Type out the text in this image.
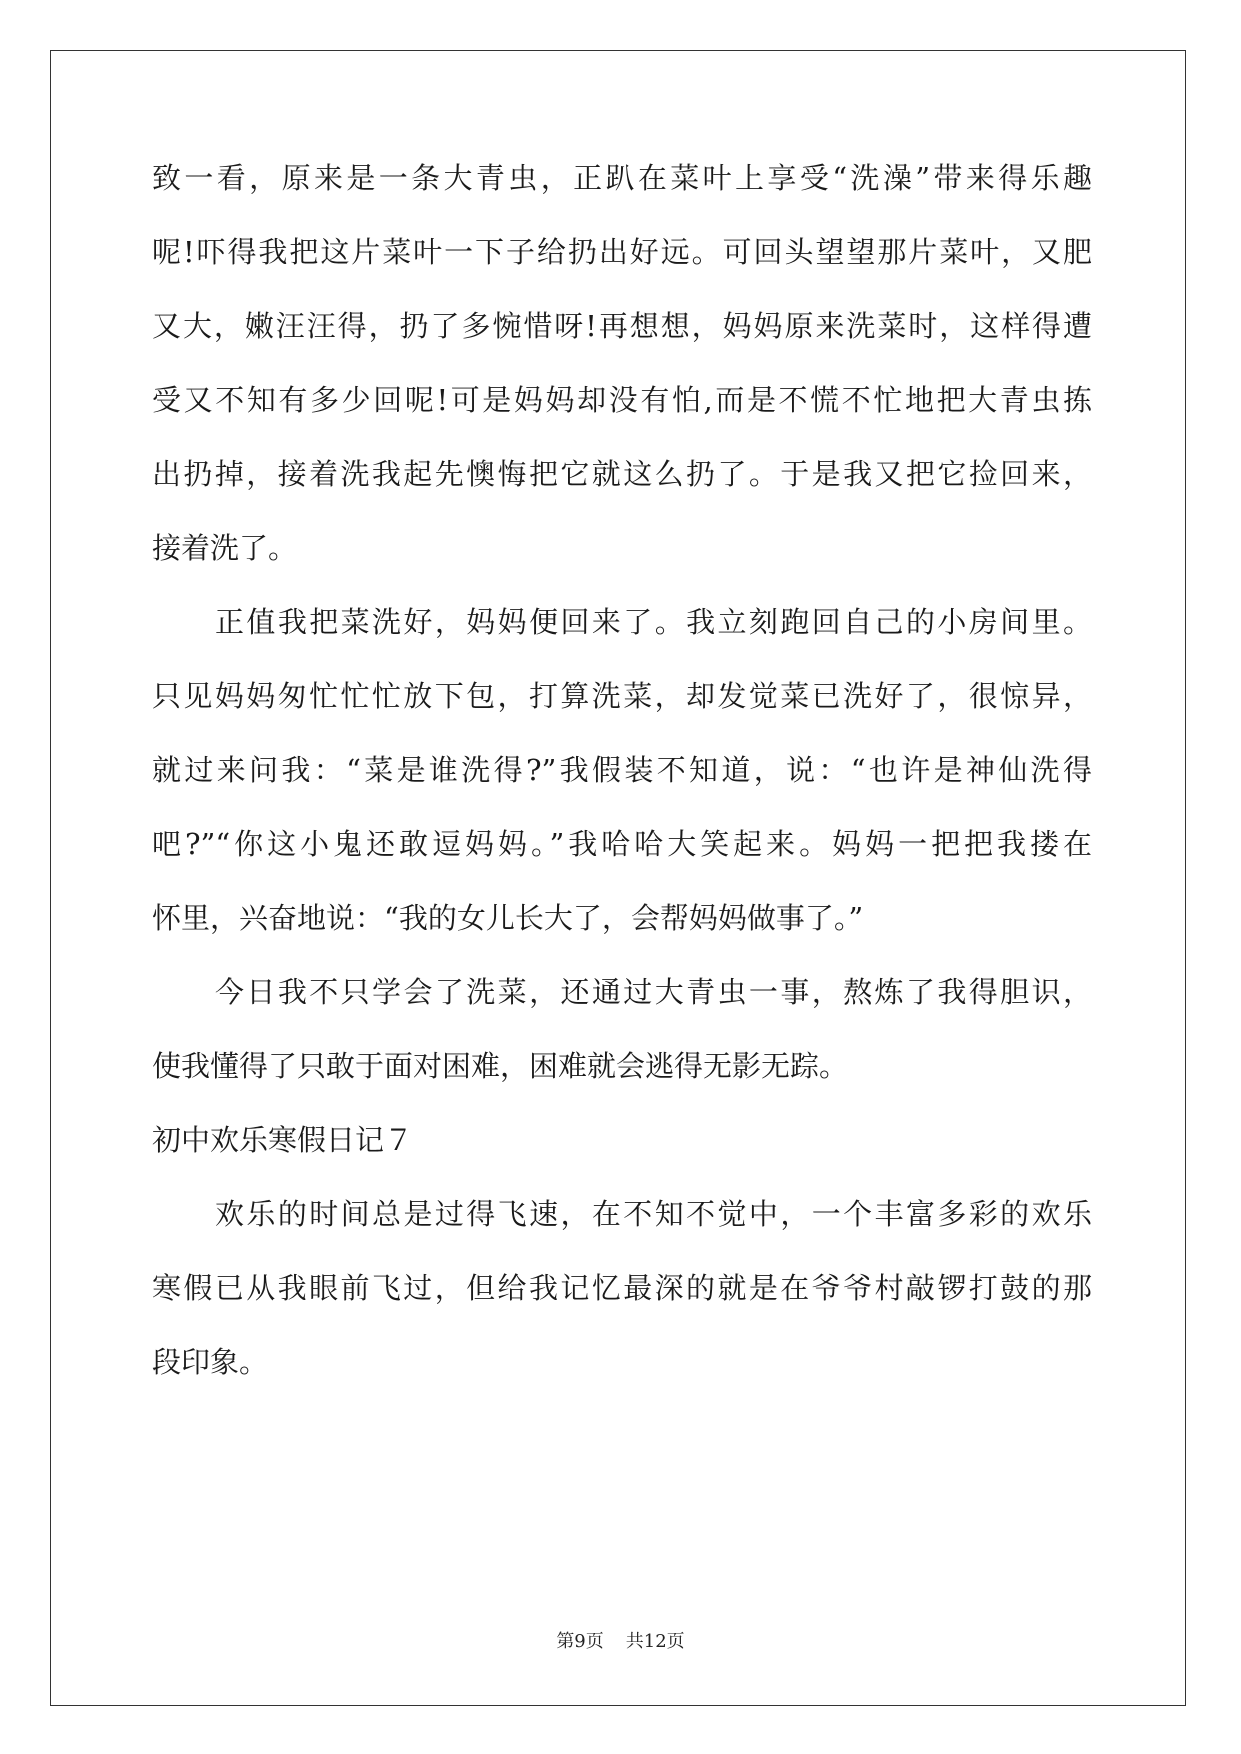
致一看，原来是一条大青虫，正趴在菜叶上享受“洗澡”带来得乐趣
呢!吓得我把这片菜叶一下子给扔出好远。可回头望望那片菜叶，又肥
又大，嫩汪汪得，扔了多惋惜呀!再想想，妈妈原来洗菜时，这样得遭
受又不知有多少回呢!可是妈妈却没有怕,而是不慌不忙地把大青虫拣
出扔掉，接着洗我起先懊悔把它就这么扔了。于是我又把它捡回来，
接着洗了。
正值我把菜洗好，妈妈便回来了。我立刻跑回自己的小房间里。
只见妈妈匆忙忙忙放下包，打算洗菜，却发觉菜已洗好了，很惊异，
就过来问我：“菜是谁洗得?”我假装不知道，说：“也许是神仙洗得
吧?”“你这小鬼还敢逗妈妈。”我哈哈大笑起来。妈妈一把把我搂在
怀里，兴奋地说：“我的女儿长大了，会帮妈妈做事了。”
今日我不只学会了洗菜，还通过大青虫一事，熬炼了我得胆识，
使我懂得了只敢于面对困难，困难就会逃得无影无踪。
初中欢乐寒假日记７
欢乐的时间总是过得飞速，在不知不觉中，一个丰富多彩的欢乐
寒假已从我眼前飞过，但给我记忆最深的就是在爷爷村敲锣打鼓的那
段印象。
第9页 共12页
